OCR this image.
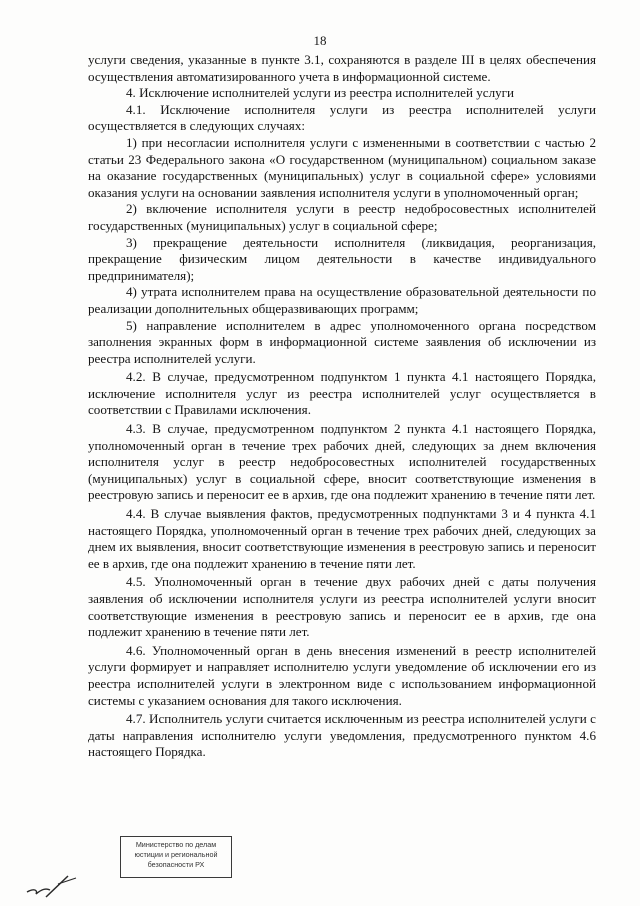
18

услуги сведения, указанные в пункте 3.1, сохраняются в разделе III в целях обеспечения осуществления автоматизированного учета в информационной системе.

4. Исключение исполнителей услуги из реестра исполнителей услуги

4.1. Исключение исполнителя услуги из реестра исполнителей услуги осуществляется в следующих случаях:

1) при несогласии исполнителя услуги с измененными в соответствии с частью 2 статьи 23 Федерального закона «О государственном (муниципальном) социальном заказе на оказание государственных (муниципальных) услуг в социальной сфере» условиями оказания услуги на основании заявления исполнителя услуги в уполномоченный орган;

2) включение исполнителя услуги в реестр недобросовестных исполнителей государственных (муниципальных) услуг в социальной сфере;

3) прекращение деятельности исполнителя (ликвидация, реорганизация, прекращение физическим лицом деятельности в качестве индивидуального предпринимателя);

4) утрата исполнителем права на осуществление образовательной деятельности по реализации дополнительных общеразвивающих программ;

5) направление исполнителем в адрес уполномоченного органа посредством заполнения экранных форм в информационной системе заявления об исключении из реестра исполнителей услуги.

4.2. В случае, предусмотренном подпунктом 1 пункта 4.1 настоящего Порядка, исключение исполнителя услуг из реестра исполнителей услуг осуществляется в соответствии с Правилами исключения.

4.3. В случае, предусмотренном подпунктом 2 пункта 4.1 настоящего Порядка, уполномоченный орган в течение трех рабочих дней, следующих за днем включения исполнителя услуг в реестр недобросовестных исполнителей государственных (муниципальных) услуг в социальной сфере, вносит соответствующие изменения в реестровую запись и переносит ее в архив, где она подлежит хранению в течение пяти лет.

4.4. В случае выявления фактов, предусмотренных подпунктами 3 и 4 пункта 4.1 настоящего Порядка, уполномоченный орган в течение трех рабочих дней, следующих за днем их выявления, вносит соответствующие изменения в реестровую запись и переносит ее в архив, где она подлежит хранению в течение пяти лет.

4.5. Уполномоченный орган в течение двух рабочих дней с даты получения заявления об исключении исполнителя услуги из реестра исполнителей услуги вносит соответствующие изменения в реестровую запись и переносит ее в архив, где она подлежит хранению в течение пяти лет.

4.6. Уполномоченный орган в день внесения изменений в реестр исполнителей услуги формирует и направляет исполнителю услуги уведомление об исключении его из реестра исполнителей услуги в электронном виде с использованием информационной системы с указанием основания для такого исключения.

4.7. Исполнитель услуги считается исключенным из реестра исполнителей услуги с даты направления исполнителю услуги уведомления, предусмотренного пунктом 4.6 настоящего Порядка.

Министерство по делам
юстиции и региональной
безопасности РХ
